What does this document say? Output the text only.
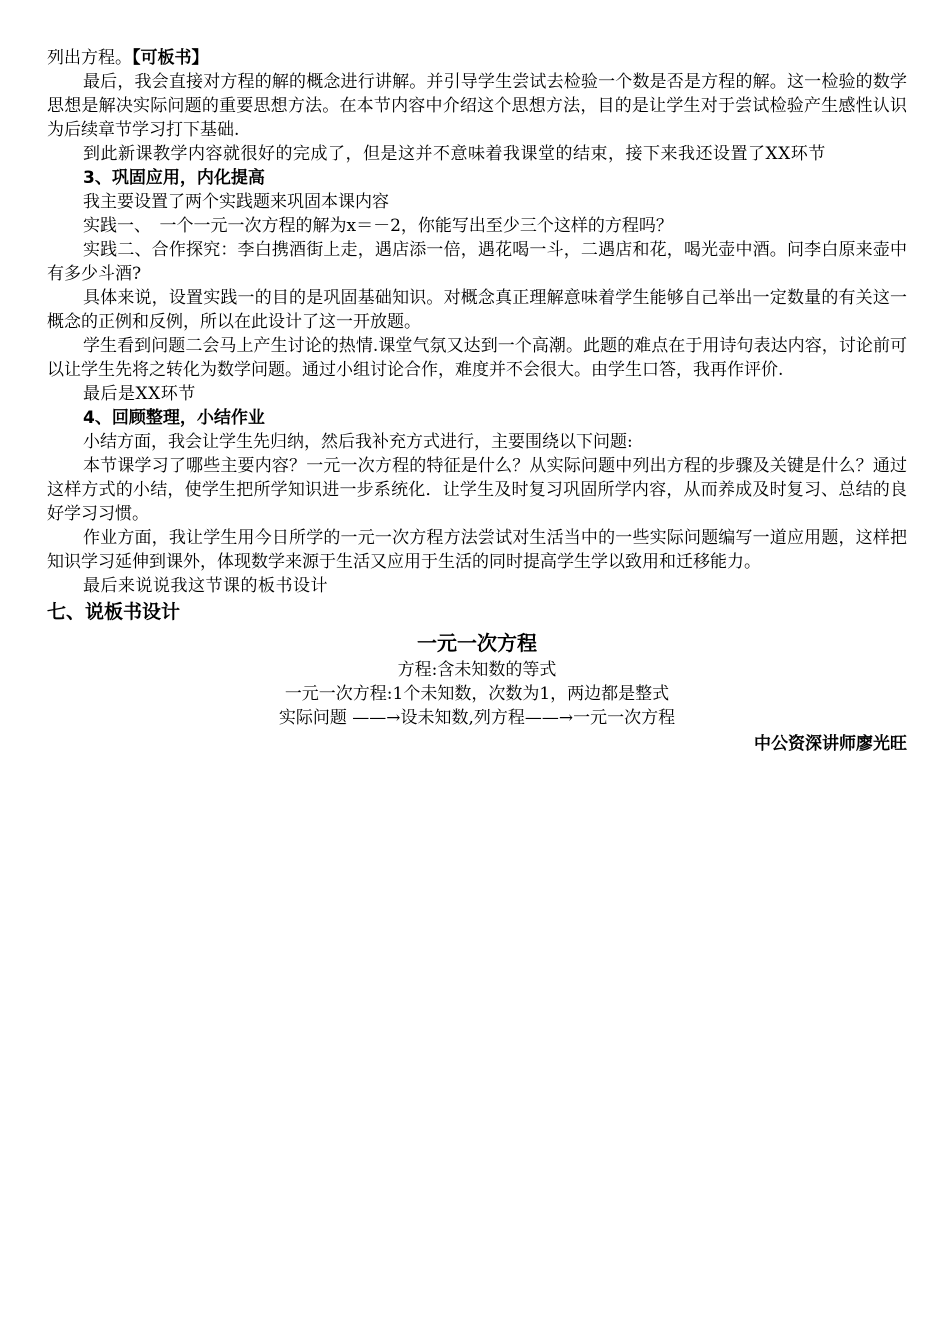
列出方程。【可板书】

最后，我会直接对方程的解的概念进行讲解。并引导学生尝试去检验一个数是否是方程的解。这一检验的数学思想是解决实际问题的重要思想方法。在本节内容中介绍这个思想方法，目的是让学生对于尝试检验产生感性认识为后续章节学习打下基础.

到此新课教学内容就很好的完成了，但是这并不意味着我课堂的结束，接下来我还设置了XX环节

3、巩固应用，内化提高

我主要设置了两个实践题来巩固本课内容

实践一、　一个一元一次方程的解为x＝－2，你能写出至少三个这样的方程吗？

实践二、合作探究：李白携酒街上走，遇店添一倍，遇花喝一斗，二遇店和花，喝光壶中酒。问李白原来壶中有多少斗酒?

具体来说，设置实践一的目的是巩固基础知识。对概念真正理解意味着学生能够自己举出一定数量的有关这一概念的正例和反例，所以在此设计了这一开放题。

学生看到问题二会马上产生讨论的热情.课堂气氛又达到一个高潮。此题的难点在于用诗句表达内容，讨论前可以让学生先将之转化为数学问题。通过小组讨论合作，难度并不会很大。由学生口答，我再作评价.

最后是XX环节

4、回顾整理，小结作业

小结方面，我会让学生先归纳，然后我补充方式进行，主要围绕以下问题:

本节课学习了哪些主要内容？一元一次方程的特征是什么？从实际问题中列出方程的步骤及关键是什么？通过这样方式的小结，使学生把所学知识进一步系统化．让学生及时复习巩固所学内容，从而养成及时复习、总结的良好学习习惯。

作业方面，我让学生用今日所学的一元一次方程方法尝试对生活当中的一些实际问题编写一道应用题，这样把知识学习延伸到课外，体现数学来源于生活又应用于生活的同时提高学生学以致用和迁移能力。

最后来说说我这节课的板书设计

七、说板书设计

一元一次方程

方程:含未知数的等式

一元一次方程:1个未知数，次数为1，两边都是整式

实际问题 ——→设未知数,列方程——→一元一次方程

中公资深讲师廖光旺
